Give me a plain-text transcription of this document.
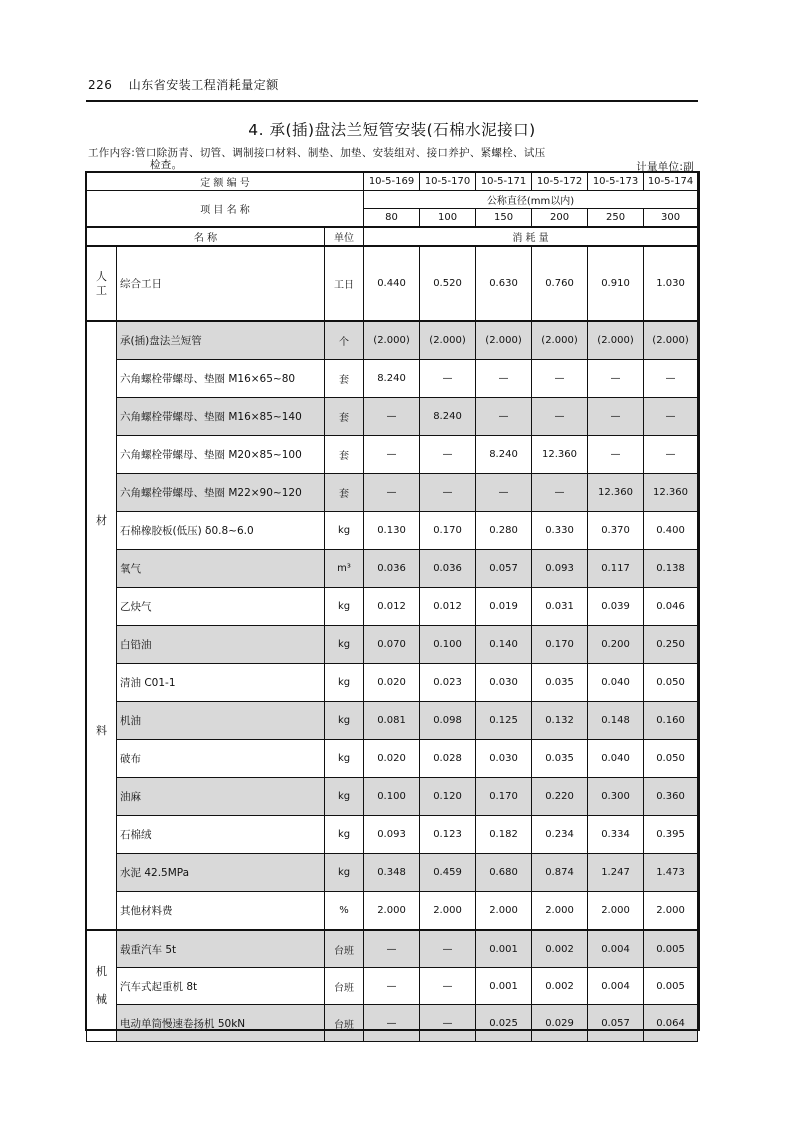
226 山东省安装工程消耗量定额
4. 承(插)盘法兰短管安装(石棉水泥接口)
工作内容:管口除沥青、切管、调制接口材料、制垫、加垫、安装组对、接口养护、紧螺栓、试压
检查。	计量单位:副
定 额 编 号			10-5-169	10-5-170	10-5-171	10-5-172	10-5-173	10-5-174
项 目 名 称			公称直径(mm以内)					
			80	100	150	200	250	300
名 称		单位	消 耗 量					

人
工	综合工日	工日	0.440	0.520	0.630	0.760	0.910	1.030

材
料	承(插)盘法兰短管	个	(2.000)	(2.000)	(2.000)	(2.000)	(2.000)	(2.000)
	六角螺栓带螺母、垫圈 M16×65~80	套	8.240	—	—	—	—	—
	六角螺栓带螺母、垫圈 M16×85~140	套	—	8.240	—	—	—	—
	六角螺栓带螺母、垫圈 M20×85~100	套	—	—	8.240	12.360	—	—
	六角螺栓带螺母、垫圈 M22×90~120	套	—	—	—	—	12.360	12.360
	石棉橡胶板(低压) δ0.8~6.0	kg	0.130	0.170	0.280	0.330	0.370	0.400
	氧气	m³	0.036	0.036	0.057	0.093	0.117	0.138
	乙炔气	kg	0.012	0.012	0.019	0.031	0.039	0.046
	白铅油	kg	0.070	0.100	0.140	0.170	0.200	0.250
	清油 C01-1	kg	0.020	0.023	0.030	0.035	0.040	0.050
	机油	kg	0.081	0.098	0.125	0.132	0.148	0.160
	破布	kg	0.020	0.028	0.030	0.035	0.040	0.050
	油麻	kg	0.100	0.120	0.170	0.220	0.300	0.360
	石棉绒	kg	0.093	0.123	0.182	0.234	0.334	0.395
	水泥 42.5MPa	kg	0.348	0.459	0.680	0.874	1.247	1.473
	其他材料费	%	2.000	2.000	2.000	2.000	2.000	2.000

机
械	载重汽车 5t	台班	—	—	0.001	0.002	0.004	0.005
	汽车式起重机 8t	台班	—	—	0.001	0.002	0.004	0.005
	电动单筒慢速卷扬机 50kN	台班	—	—	0.025	0.029	0.057	0.064
